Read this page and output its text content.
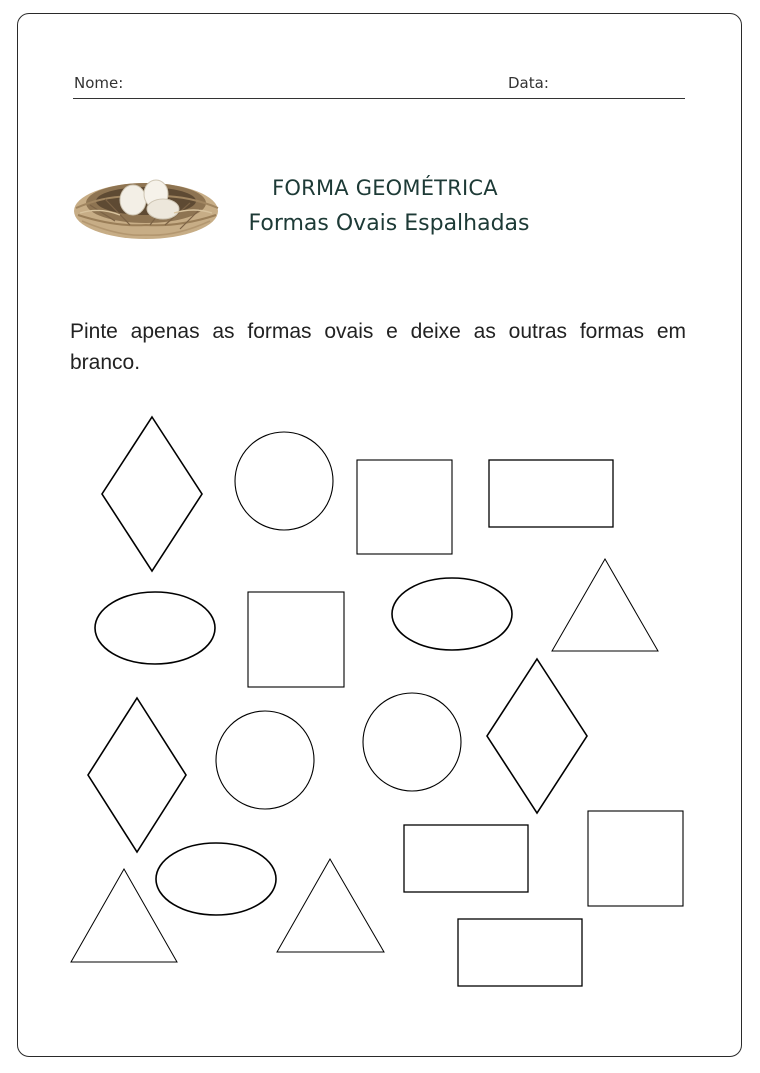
Nome:	Data:
FORMA GEOMÉTRICA
Formas Ovais Espalhadas
Pinte apenas as formas ovais e deixe as outras formas em branco.
